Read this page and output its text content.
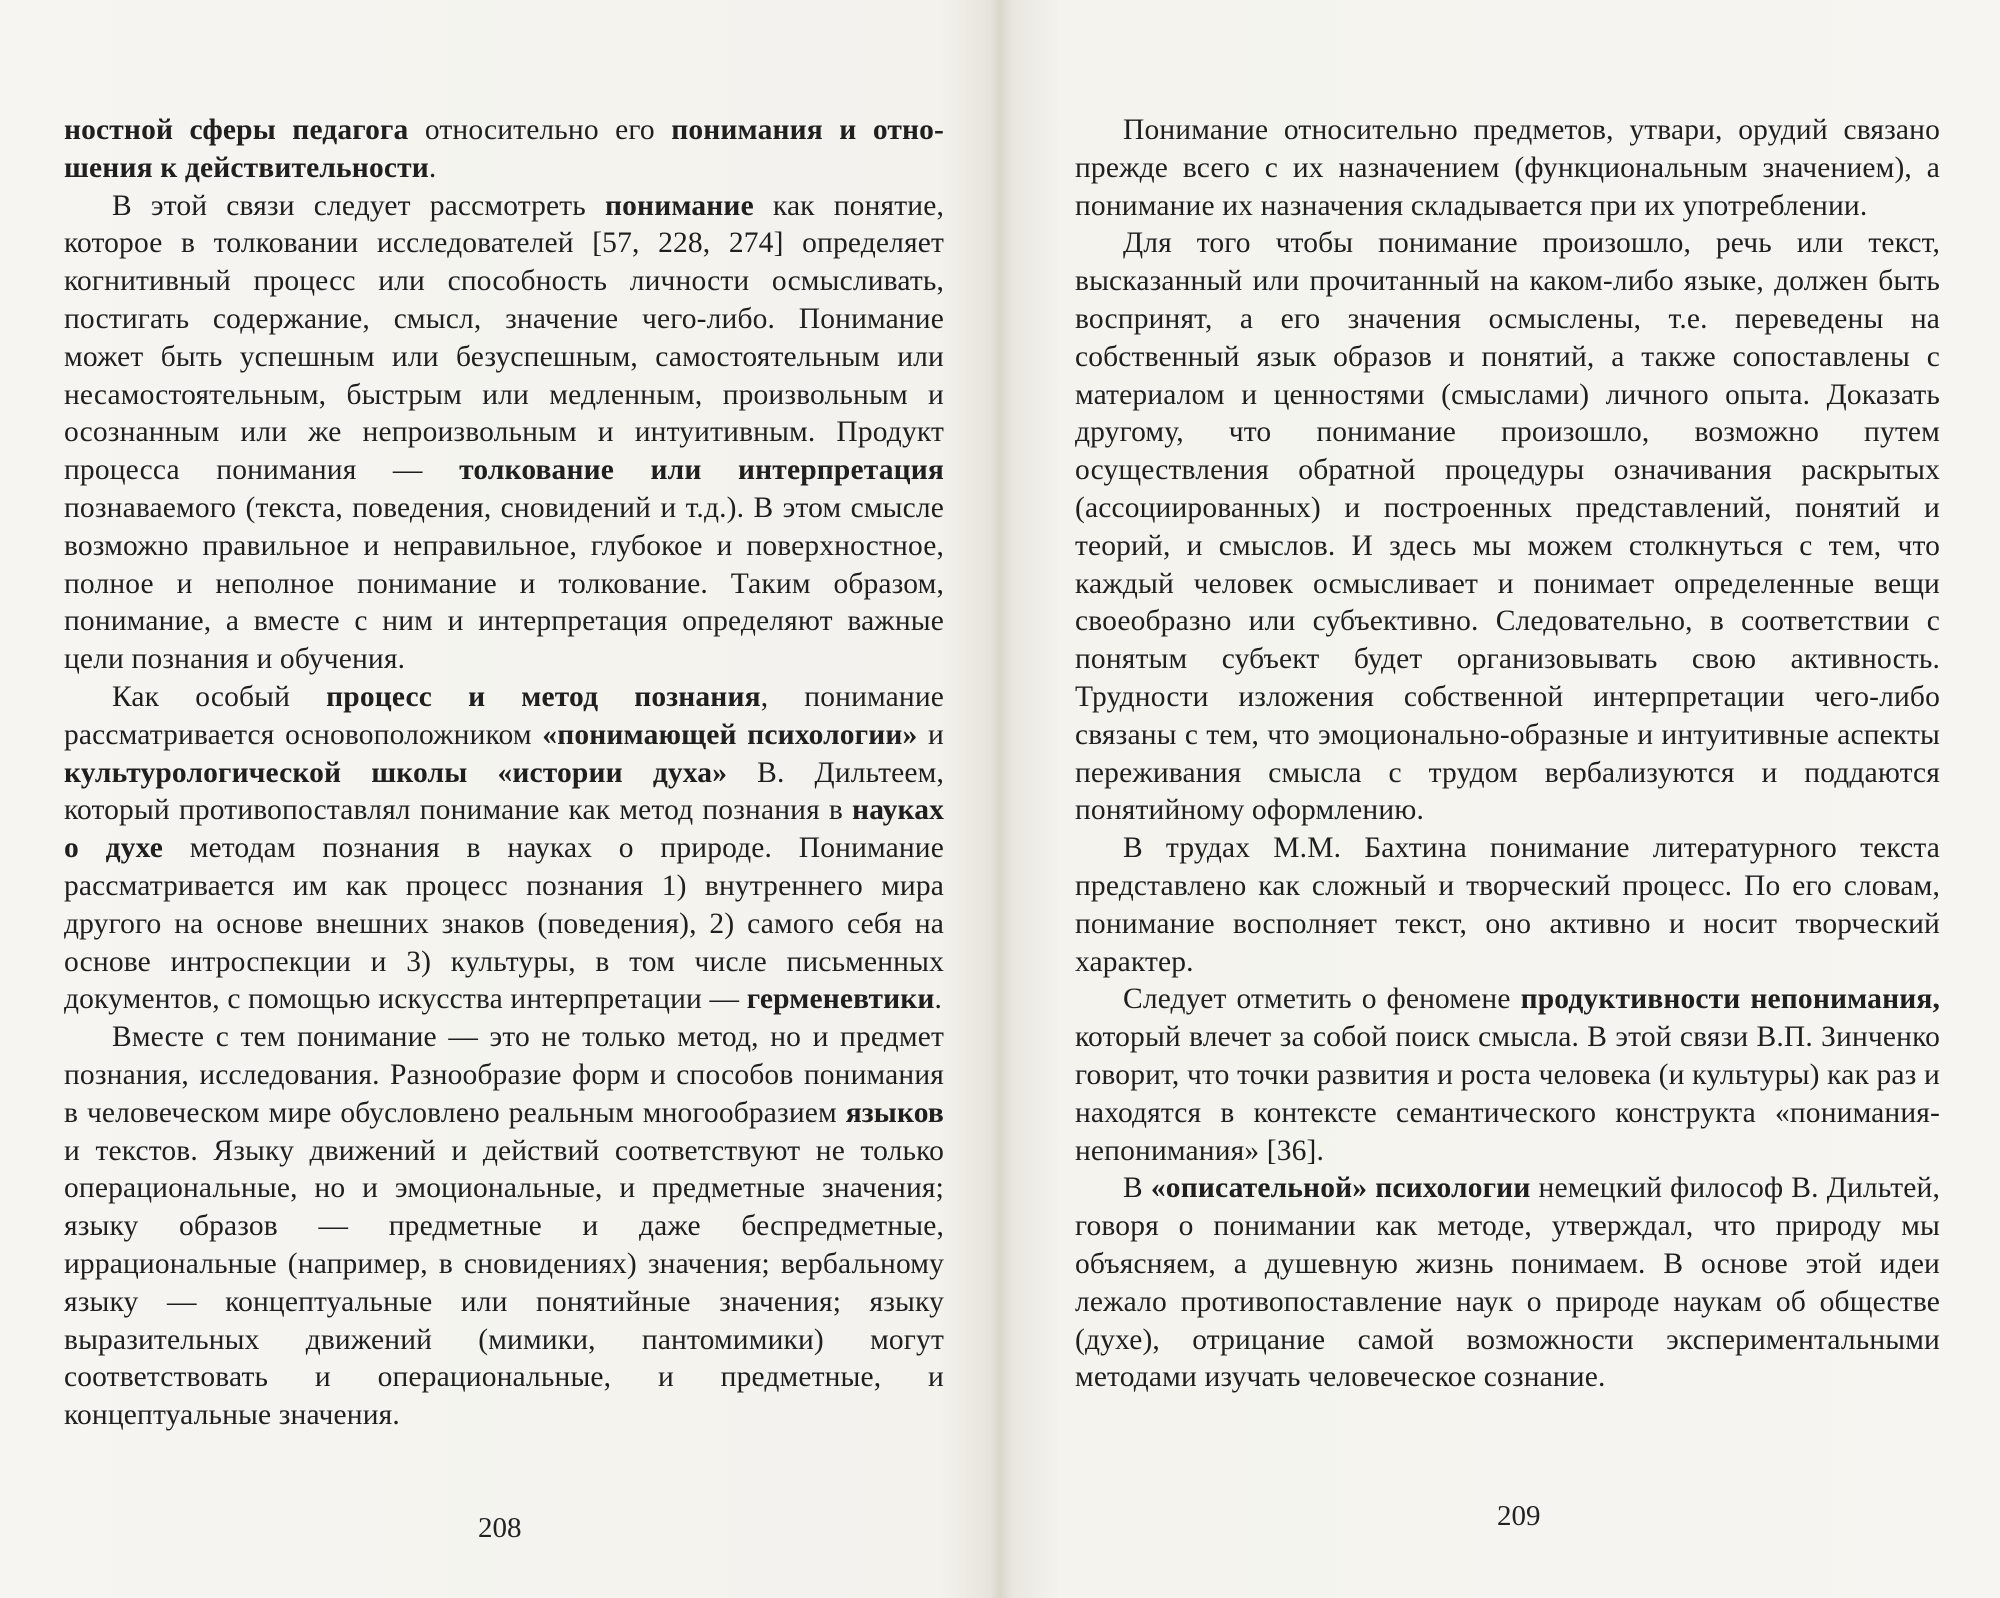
ностной сферы педагога относительно его понимания и отно-шения к действительности.

В этой связи следует рассмотреть понимание как понятие, которое в толковании исследователей [57, 228, 274] определяет когнитивный процесс или способность личности осмысливать, постигать содержание, смысл, значение чего-либо. Понимание может быть успешным или безуспешным, самостоятельным или несамостоятельным, быстрым или медленным, произвольным и осознанным или же непроизвольным и интуитивным. Продукт процесса понимания — толкование или интерпретация познаваемого (текста, поведения, сновидений и т.д.). В этом смысле возможно правильное и неправильное, глубокое и поверхностное, полное и неполное понимание и толкование. Таким образом, понимание, а вместе с ним и интерпретация определяют важные цели познания и обучения.

Как особый процесс и метод познания, понимание рассматривается основоположником «понимающей психологии» и культурологической школы «истории духа» В. Дильтеем, который противопоставлял понимание как метод познания в науках о духе методам познания в науках о природе. Понимание рассматривается им как процесс познания 1) внутреннего мира другого на основе внешних знаков (поведения), 2) самого себя на основе интроспекции и 3) культуры, в том числе письменных документов, с помощью искусства интерпретации — герменевтики.

Вместе с тем понимание — это не только метод, но и предмет познания, исследования. Разнообразие форм и способов понимания в человеческом мире обусловлено реальным многообразием языков и текстов. Языку движений и действий соответствуют не только операциональные, но и эмоциональные, и предметные значения; языку образов — предметные и даже беспредметные, иррациональные (например, в сновидениях) значения; вербальному языку — концептуальные или понятийные значения; языку выразительных движений (мимики, пантомимики) могут соответствовать и операциональные, и предметные, и концептуальные значения.

208

Понимание относительно предметов, утвари, орудий связано прежде всего с их назначением (функциональным значением), а понимание их назначения складывается при их употреблении.

Для того чтобы понимание произошло, речь или текст, высказанный или прочитанный на каком-либо языке, должен быть воспринят, а его значения осмыслены, т.е. переведены на собственный язык образов и понятий, а также сопоставлены с материалом и ценностями (смыслами) личного опыта. Доказать другому, что понимание произошло, возможно путем осуществления обратной процедуры означивания раскрытых (ассоциированных) и построенных представлений, понятий и теорий, и смыслов. И здесь мы можем столкнуться с тем, что каждый человек осмысливает и понимает определенные вещи своеобразно или субъективно. Следовательно, в соответствии с понятым субъект будет организовывать свою активность. Трудности изложения собственной интерпретации чего-либо связаны с тем, что эмоционально-образные и интуитивные аспекты переживания смысла с трудом вербализуются и поддаются понятийному оформлению.

В трудах М.М. Бахтина понимание литературного текста представлено как сложный и творческий процесс. По его словам, понимание восполняет текст, оно активно и носит творческий характер.

Следует отметить о феномене продуктивности непонимания, который влечет за собой поиск смысла. В этой связи В.П. Зинченко говорит, что точки развития и роста человека (и культуры) как раз и находятся в контексте семантического конструкта «понимания-непонимания» [36].

В «описательной» психологии немецкий философ В. Дильтей, говоря о понимании как методе, утверждал, что природу мы объясняем, а душевную жизнь понимаем. В основе этой идеи лежало противопоставление наук о природе наукам об обществе (духе), отрицание самой возможности экспериментальными методами изучать человеческое сознание.

209
